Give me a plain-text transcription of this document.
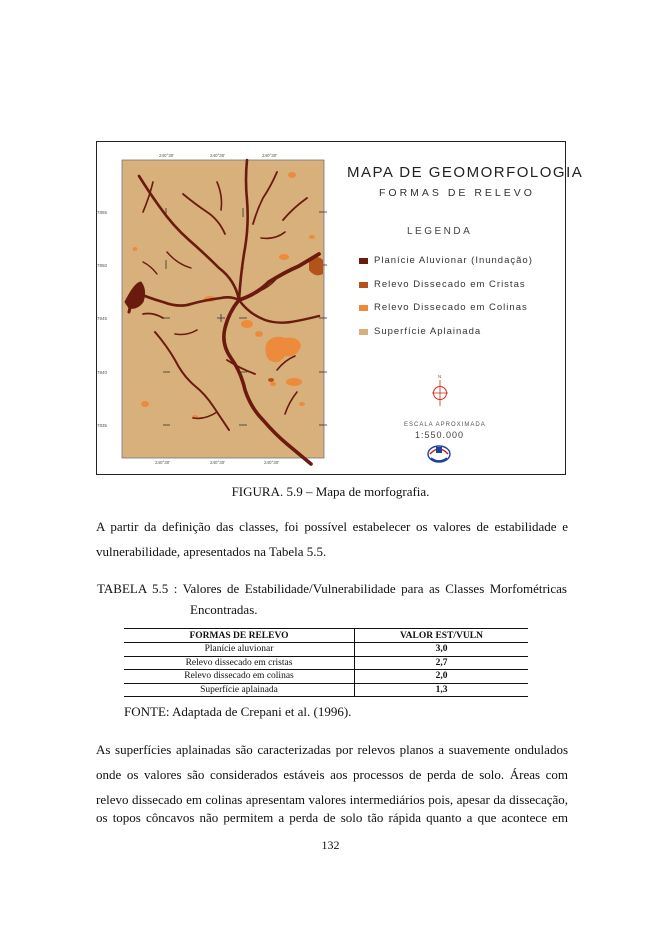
240°30'	240°30'	240°30'
240°30'	240°30'	240°30'
7855
7850
7845
7840
7835
MAPA DE GEOMORFOLOGIA
FORMAS DE RELEVO
LEGENDA
Planície Aluvionar (Inundação)
Relevo Dissecado em Cristas
Relevo Dissecado em Colinas
Superfície Aplainada
N
ESCALA APROXIMADA
1:550.000
FIGURA. 5.9 – Mapa de morfografia.
A partir da definição das classes, foi possível estabelecer os valores de estabilidade e
vulnerabilidade, apresentados na Tabela 5.5.
TABELA 5.5 : Valores de Estabilidade/Vulnerabilidade para as Classes Morfométricas
Encontradas.
FORMAS DE RELEVO	VALOR EST/VULN
Planície aluvionar	3,0
Relevo dissecado em cristas	2,7
Relevo dissecado em colinas	2,0
Superfície aplainada	1,3
FONTE: Adaptada de Crepani et al. (1996).
As superfícies aplainadas são caracterizadas por relevos planos a suavemente ondulados
onde os valores são considerados estáveis aos processos de perda de solo. Áreas com
relevo dissecado em colinas apresentam valores intermediários pois, apesar da dissecação,
os topos côncavos não permitem a perda de solo tão rápida quanto a que acontece em
132
